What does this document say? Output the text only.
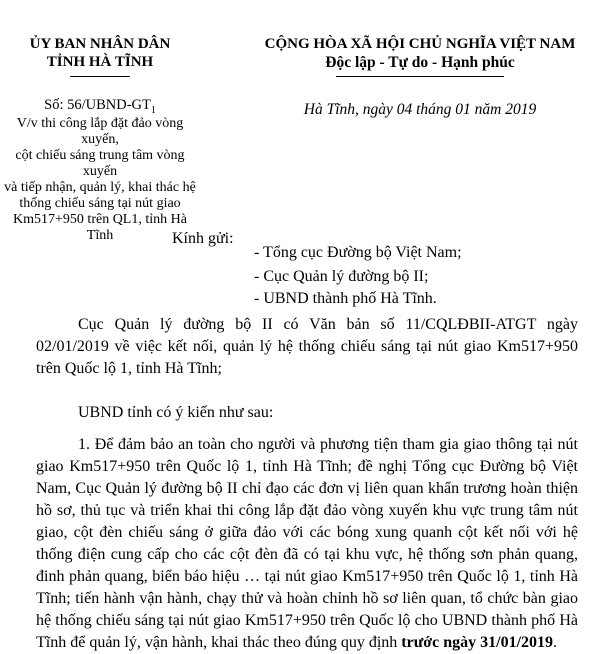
ỦY BAN NHÂN DÂN
TỈNH HÀ TĨNH
Số: $56/UBND-GT_1$
V/v thi công lắp đặt đảo vòng xuyến,
cột chiếu sáng trung tâm vòng xuyến
và tiếp nhận, quản lý, khai thác hệ
thống chiếu sáng tại nút giao
Km517+950 trên QL1, tỉnh Hà Tĩnh
CỘNG HÒA XÃ HỘI CHỦ NGHĨA VIỆT NAM
Độc lập - Tự do - Hạnh phúc
Hà Tĩnh, ngày 04 tháng 01 năm 2019
Kính gửi:
- Tổng cục Đường bộ Việt Nam;
- Cục Quản lý đường bộ II;
- UBND thành phố Hà Tĩnh.

Cục Quản lý đường bộ II có Văn bản số 11/CQLĐBII-ATGT ngày 02/01/2019 về việc kết nối, quản lý hệ thống chiếu sáng tại nút giao Km517+950 trên Quốc lộ 1, tỉnh Hà Tĩnh;

UBND tỉnh có ý kiến như sau:

1. Để đảm bảo an toàn cho người và phương tiện tham gia giao thông tại nút giao Km517+950 trên Quốc lộ 1, tỉnh Hà Tĩnh; đề nghị Tổng cục Đường bộ Việt Nam, Cục Quản lý đường bộ II chỉ đạo các đơn vị liên quan khẩn trương hoàn thiện hồ sơ, thủ tục và triển khai thi công lắp đặt đảo vòng xuyến khu vực trung tâm nút giao, cột đèn chiếu sáng ở giữa đảo với các bóng xung quanh cột kết nối với hệ thống điện cung cấp cho các cột đèn đã có tại khu vực, hệ thống sơn phản quang, đinh phản quang, biển báo hiệu … tại nút giao Km517+950 trên Quốc lộ 1, tỉnh Hà Tĩnh; tiến hành vận hành, chạy thử và hoàn chỉnh hồ sơ liên quan, tổ chức bàn giao hệ thống chiếu sáng tại nút giao Km517+950 trên Quốc lộ cho UBND thành phố Hà Tĩnh để quản lý, vận hành, khai thác theo đúng quy định trước ngày 31/01/2019.
